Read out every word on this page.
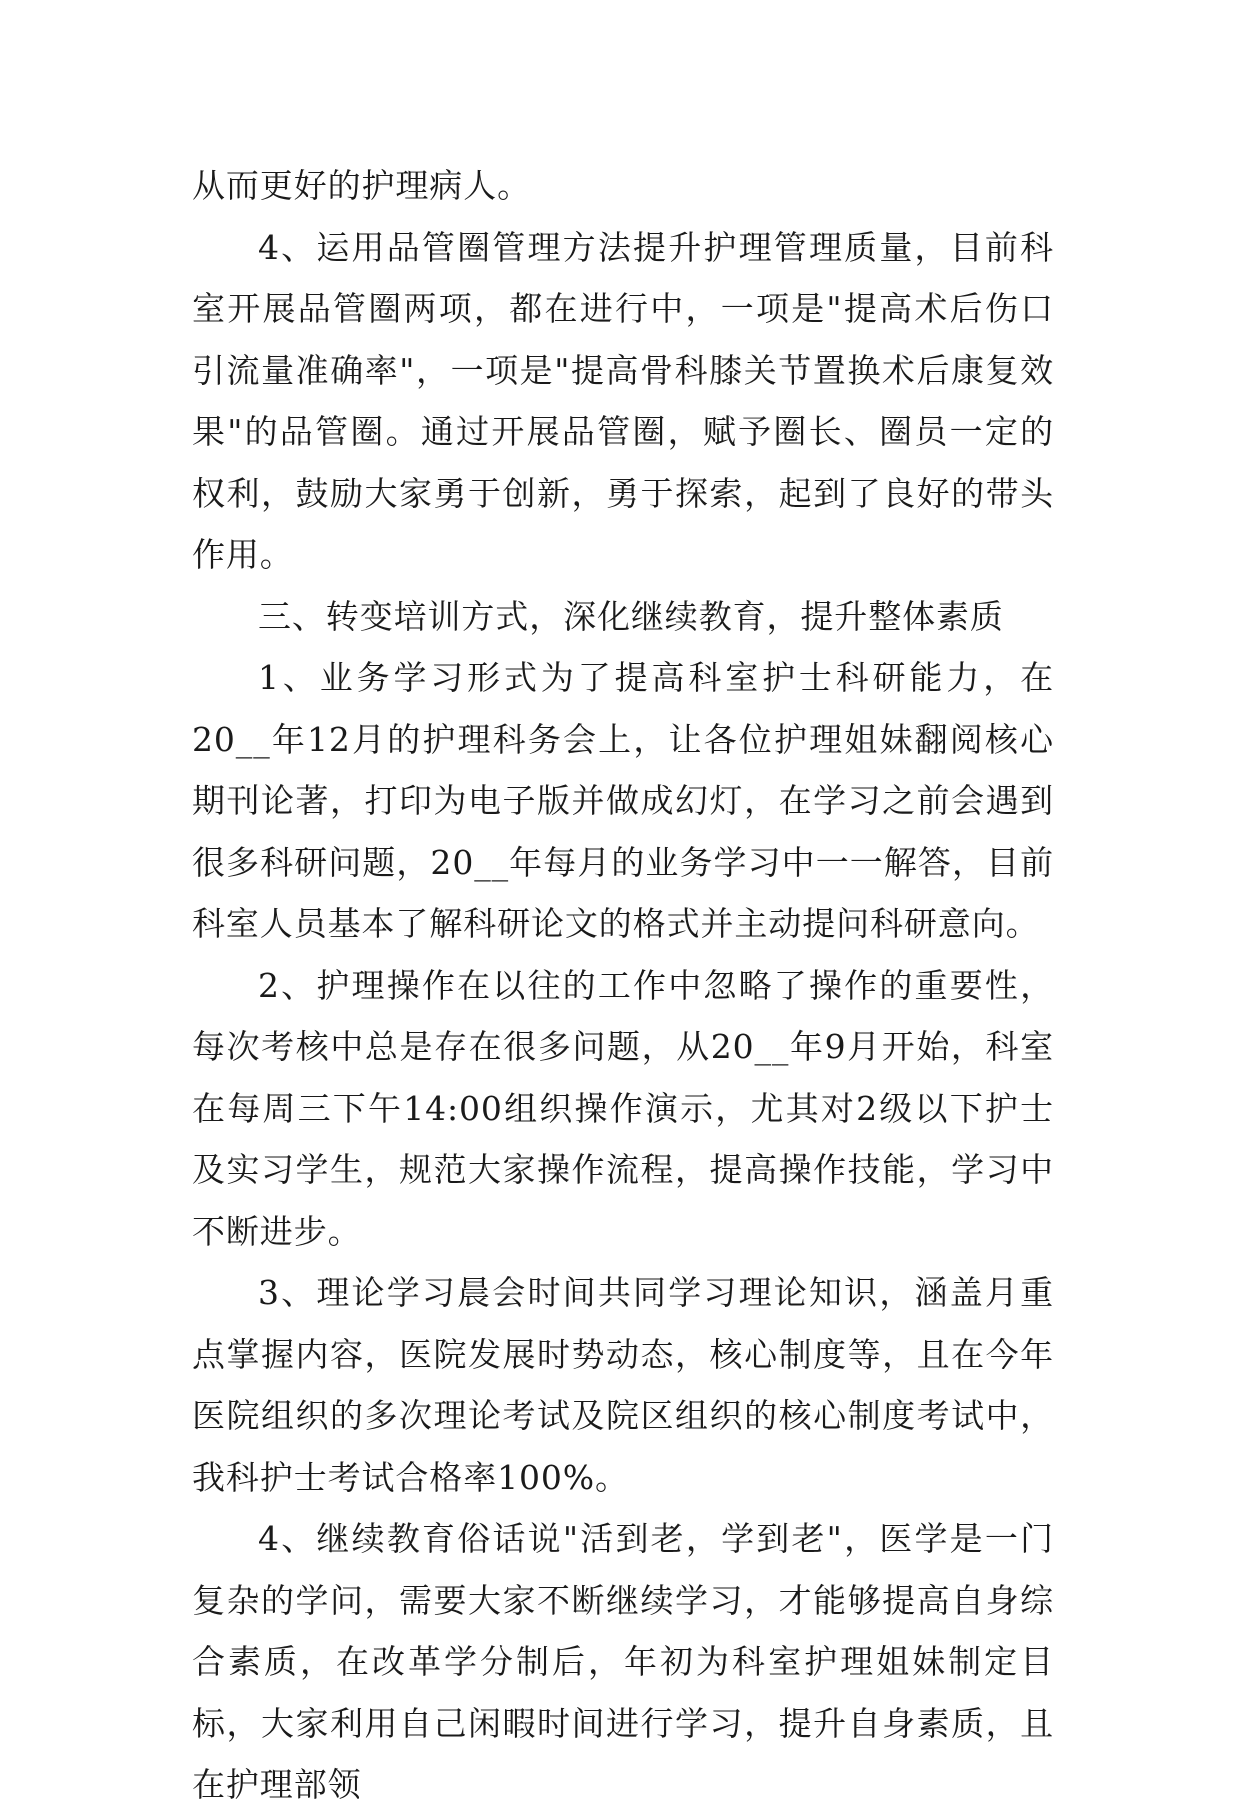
从而更好的护理病人。

4、运用品管圈管理方法提升护理管理质量，目前科室开展品管圈两项，都在进行中，一项是"提高术后伤口引流量准确率"，一项是"提高骨科膝关节置换术后康复效果"的品管圈。通过开展品管圈，赋予圈长、圈员一定的权利，鼓励大家勇于创新，勇于探索，起到了良好的带头作用。

三、转变培训方式，深化继续教育，提升整体素质

1、业务学习形式为了提高科室护士科研能力，在20__年12月的护理科务会上，让各位护理姐妹翻阅核心期刊论著，打印为电子版并做成幻灯，在学习之前会遇到很多科研问题，20__年每月的业务学习中一一解答，目前科室人员基本了解科研论文的格式并主动提问科研意向。

2、护理操作在以往的工作中忽略了操作的重要性，每次考核中总是存在很多问题，从20__年9月开始，科室在每周三下午14:00组织操作演示，尤其对2级以下护士及实习学生，规范大家操作流程，提高操作技能，学习中不断进步。

3、理论学习晨会时间共同学习理论知识，涵盖月重点掌握内容，医院发展时势动态，核心制度等，且在今年医院组织的多次理论考试及院区组织的核心制度考试中，我科护士考试合格率100%。

4、继续教育俗话说"活到老，学到老"，医学是一门复杂的学问，需要大家不断继续学习，才能够提高自身综合素质，在改革学分制后，年初为科室护理姐妹制定目标，大家利用自己闲暇时间进行学习，提升自身素质，且在护理部领
